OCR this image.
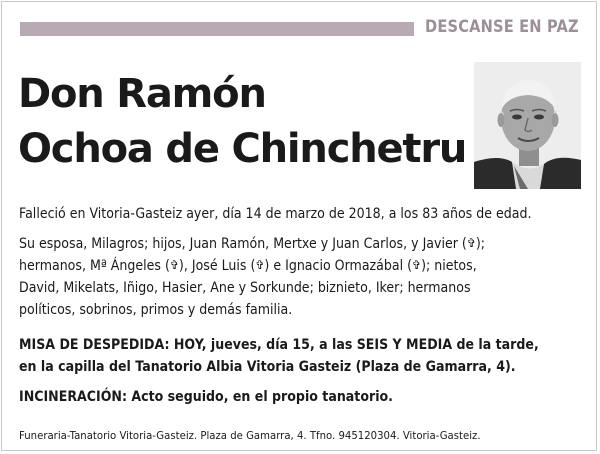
DESCANSE EN PAZ
Don Ramón
Ochoa de Chinchetru
Falleció en Vitoria-Gasteiz ayer, día 14 de marzo de 2018, a los 83 años de edad.
Su esposa, Milagros; hijos, Juan Ramón, Mertxe y Juan Carlos, y Javier (✞);
hermanos, Mª Ángeles (✞), José Luis (✞) e Ignacio Ormazábal (✞); nietos,
David, Mikelats, Iñigo, Hasier, Ane y Sorkunde; biznieto, Iker; hermanos
políticos, sobrinos, primos y demás familia.
MISA DE DESPEDIDA: HOY, jueves, día 15, a las SEIS Y MEDIA de la tarde,
en la capilla del Tanatorio Albia Vitoria Gasteiz (Plaza de Gamarra, 4).
INCINERACIÓN: Acto seguido, en el propio tanatorio.
Funeraria-Tanatorio Vitoria-Gasteiz. Plaza de Gamarra, 4. Tfno. 945120304. Vitoria-Gasteiz.
